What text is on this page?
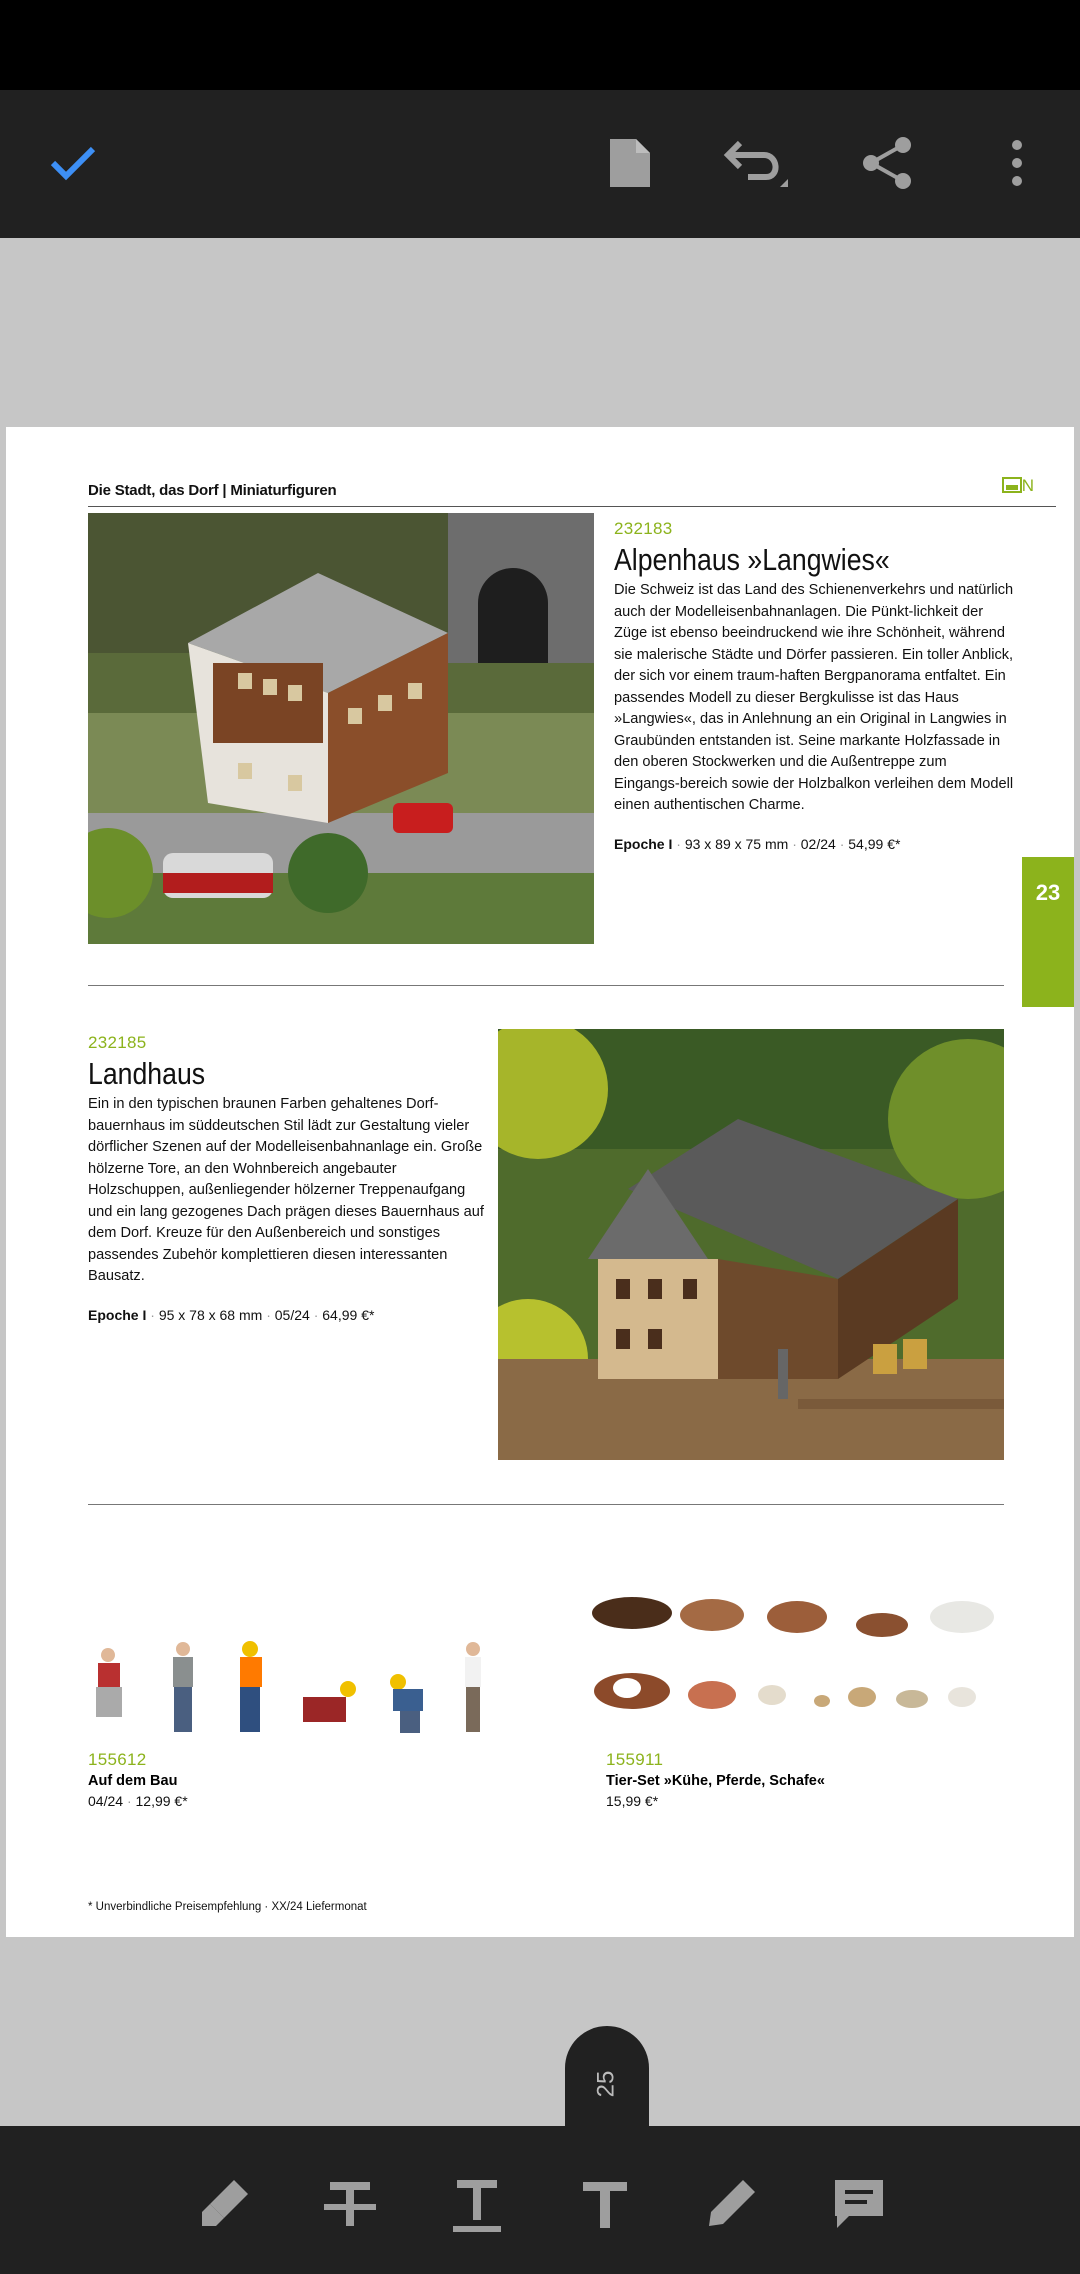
Die Stadt, das Dorf | Miniaturfiguren	N
232183
Alpenhaus »Langwies«
Die Schweiz ist das Land des Schienenverkehrs und natürlich auch der Modelleisenbahnanlagen. Die Pünkt-lichkeit der Züge ist ebenso beeindruckend wie ihre Schönheit, während sie malerische Städte und Dörfer passieren. Ein toller Anblick, der sich vor einem traum-haften Bergpanorama entfaltet. Ein passendes Modell zu dieser Bergkulisse ist das Haus »Langwies«, das in Anlehnung an ein Original in Langwies in Graubünden entstanden ist. Seine markante Holzfassade in den oberen Stockwerken und die Außentreppe zum Eingangs-bereich sowie der Holzbalkon verleihen dem Modell einen authentischen Charme.
Epoche I · 93 x 89 x 75 mm · 02/24 · 54,99 €*
232185
Landhaus
Ein in den typischen braunen Farben gehaltenes Dorf-bauernhaus im süddeutschen Stil lädt zur Gestaltung vieler dörflicher Szenen auf der Modelleisenbahnanlage ein. Große hölzerne Tore, an den Wohnbereich angebauter Holzschuppen, außenliegender hölzerner Treppenaufgang und ein lang gezogenes Dach prägen dieses Bauernhaus auf dem Dorf. Kreuze für den Außenbereich und sonstiges passendes Zubehör komplettieren diesen interessanten Bausatz.
Epoche I · 95 x 78 x 68 mm · 05/24 · 64,99 €*
155612
Auf dem Bau
04/24 · 12,99 €*
155911
Tier-Set »Kühe, Pferde, Schafe«
15,99 €*
* Unverbindliche Preisempfehlung · XX/24 Liefermonat
23
25
